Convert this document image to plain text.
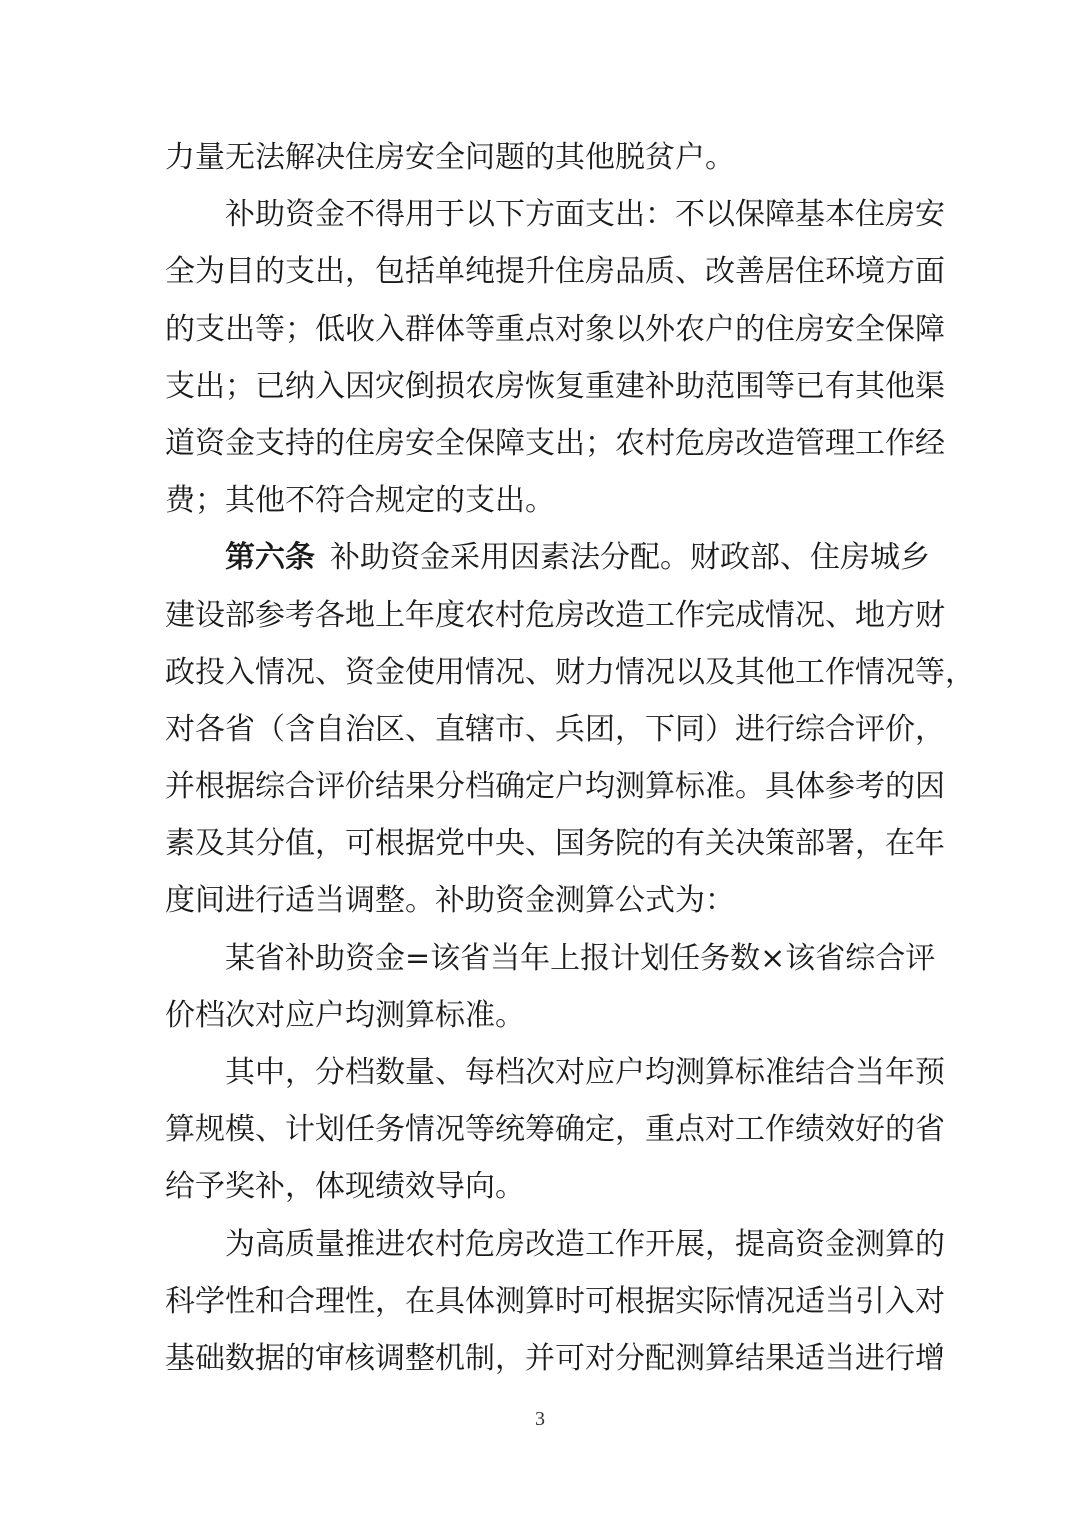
力量无法解决住房安全问题的其他脱贫户。
补助资金不得用于以下方面支出：不以保障基本住房安
全为目的支出，包括单纯提升住房品质、改善居住环境方面
的支出等；低收入群体等重点对象以外农户的住房安全保障
支出；已纳入因灾倒损农房恢复重建补助范围等已有其他渠
道资金支持的住房安全保障支出；农村危房改造管理工作经
费；其他不符合规定的支出。
第六条  补助资金采用因素法分配。财政部、住房城乡
建设部参考各地上年度农村危房改造工作完成情况、地方财
政投入情况、资金使用情况、财力情况以及其他工作情况等，
对各省（含自治区、直辖市、兵团，下同）进行综合评价，
并根据综合评价结果分档确定户均测算标准。具体参考的因
素及其分值，可根据党中央、国务院的有关决策部署，在年
度间进行适当调整。补助资金测算公式为：
某省补助资金=该省当年上报计划任务数×该省综合评
价档次对应户均测算标准。
其中，分档数量、每档次对应户均测算标准结合当年预
算规模、计划任务情况等统筹确定，重点对工作绩效好的省
给予奖补，体现绩效导向。
为高质量推进农村危房改造工作开展，提高资金测算的
科学性和合理性，在具体测算时可根据实际情况适当引入对
基础数据的审核调整机制，并可对分配测算结果适当进行增
3
